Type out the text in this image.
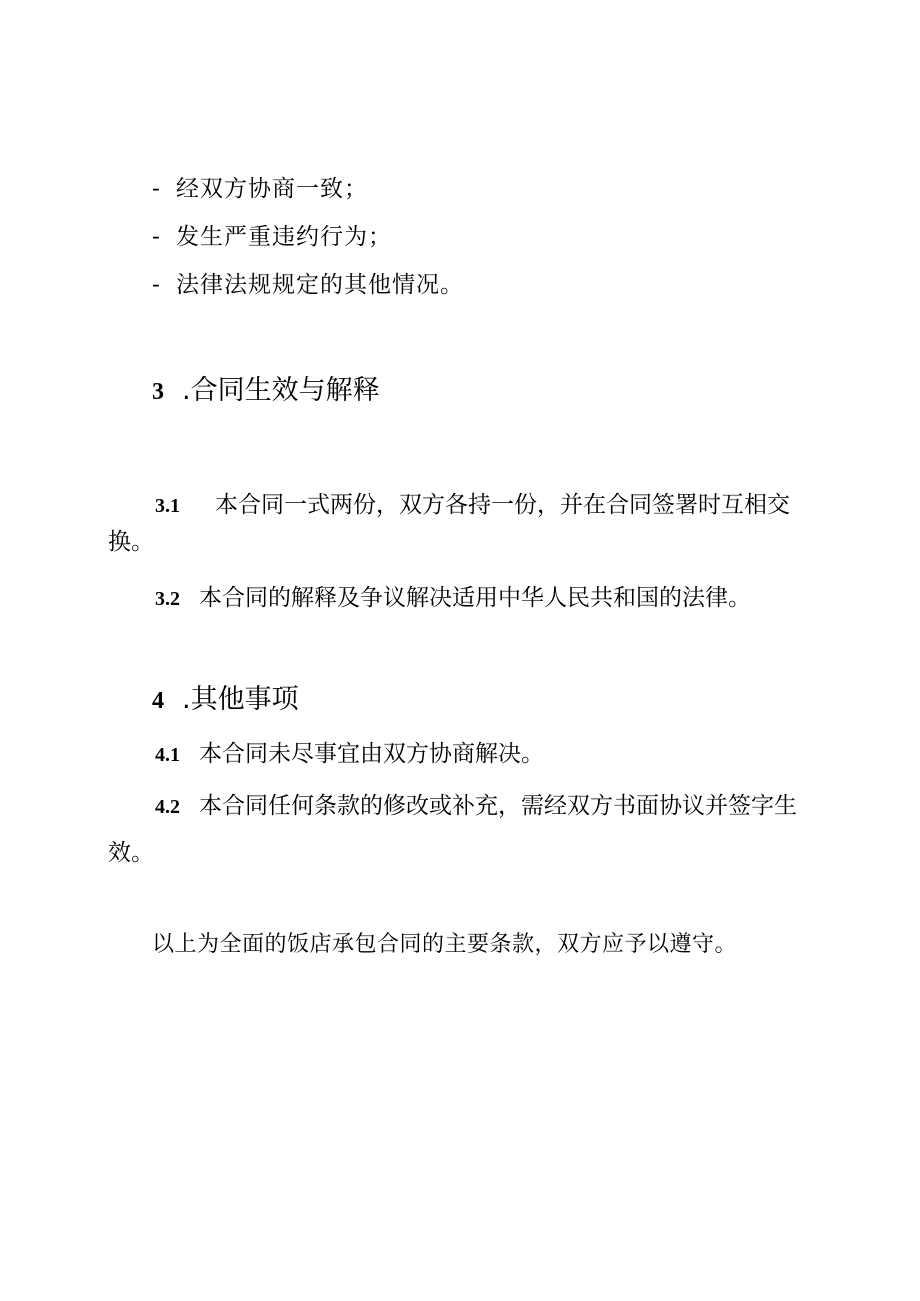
- 经双方协商一致；
- 发生严重违约行为；
- 法律法规规定的其他情况。
3 .合同生效与解释
3.1 本合同一式两份，双方各持一份，并在合同签署时互相交
换。
3.2 本合同的解释及争议解决适用中华人民共和国的法律。
4 .其他事项
4.1 本合同未尽事宜由双方协商解决。
4.2 本合同任何条款的修改或补充，需经双方书面协议并签字生
效。
以上为全面的饭店承包合同的主要条款，双方应予以遵守。
